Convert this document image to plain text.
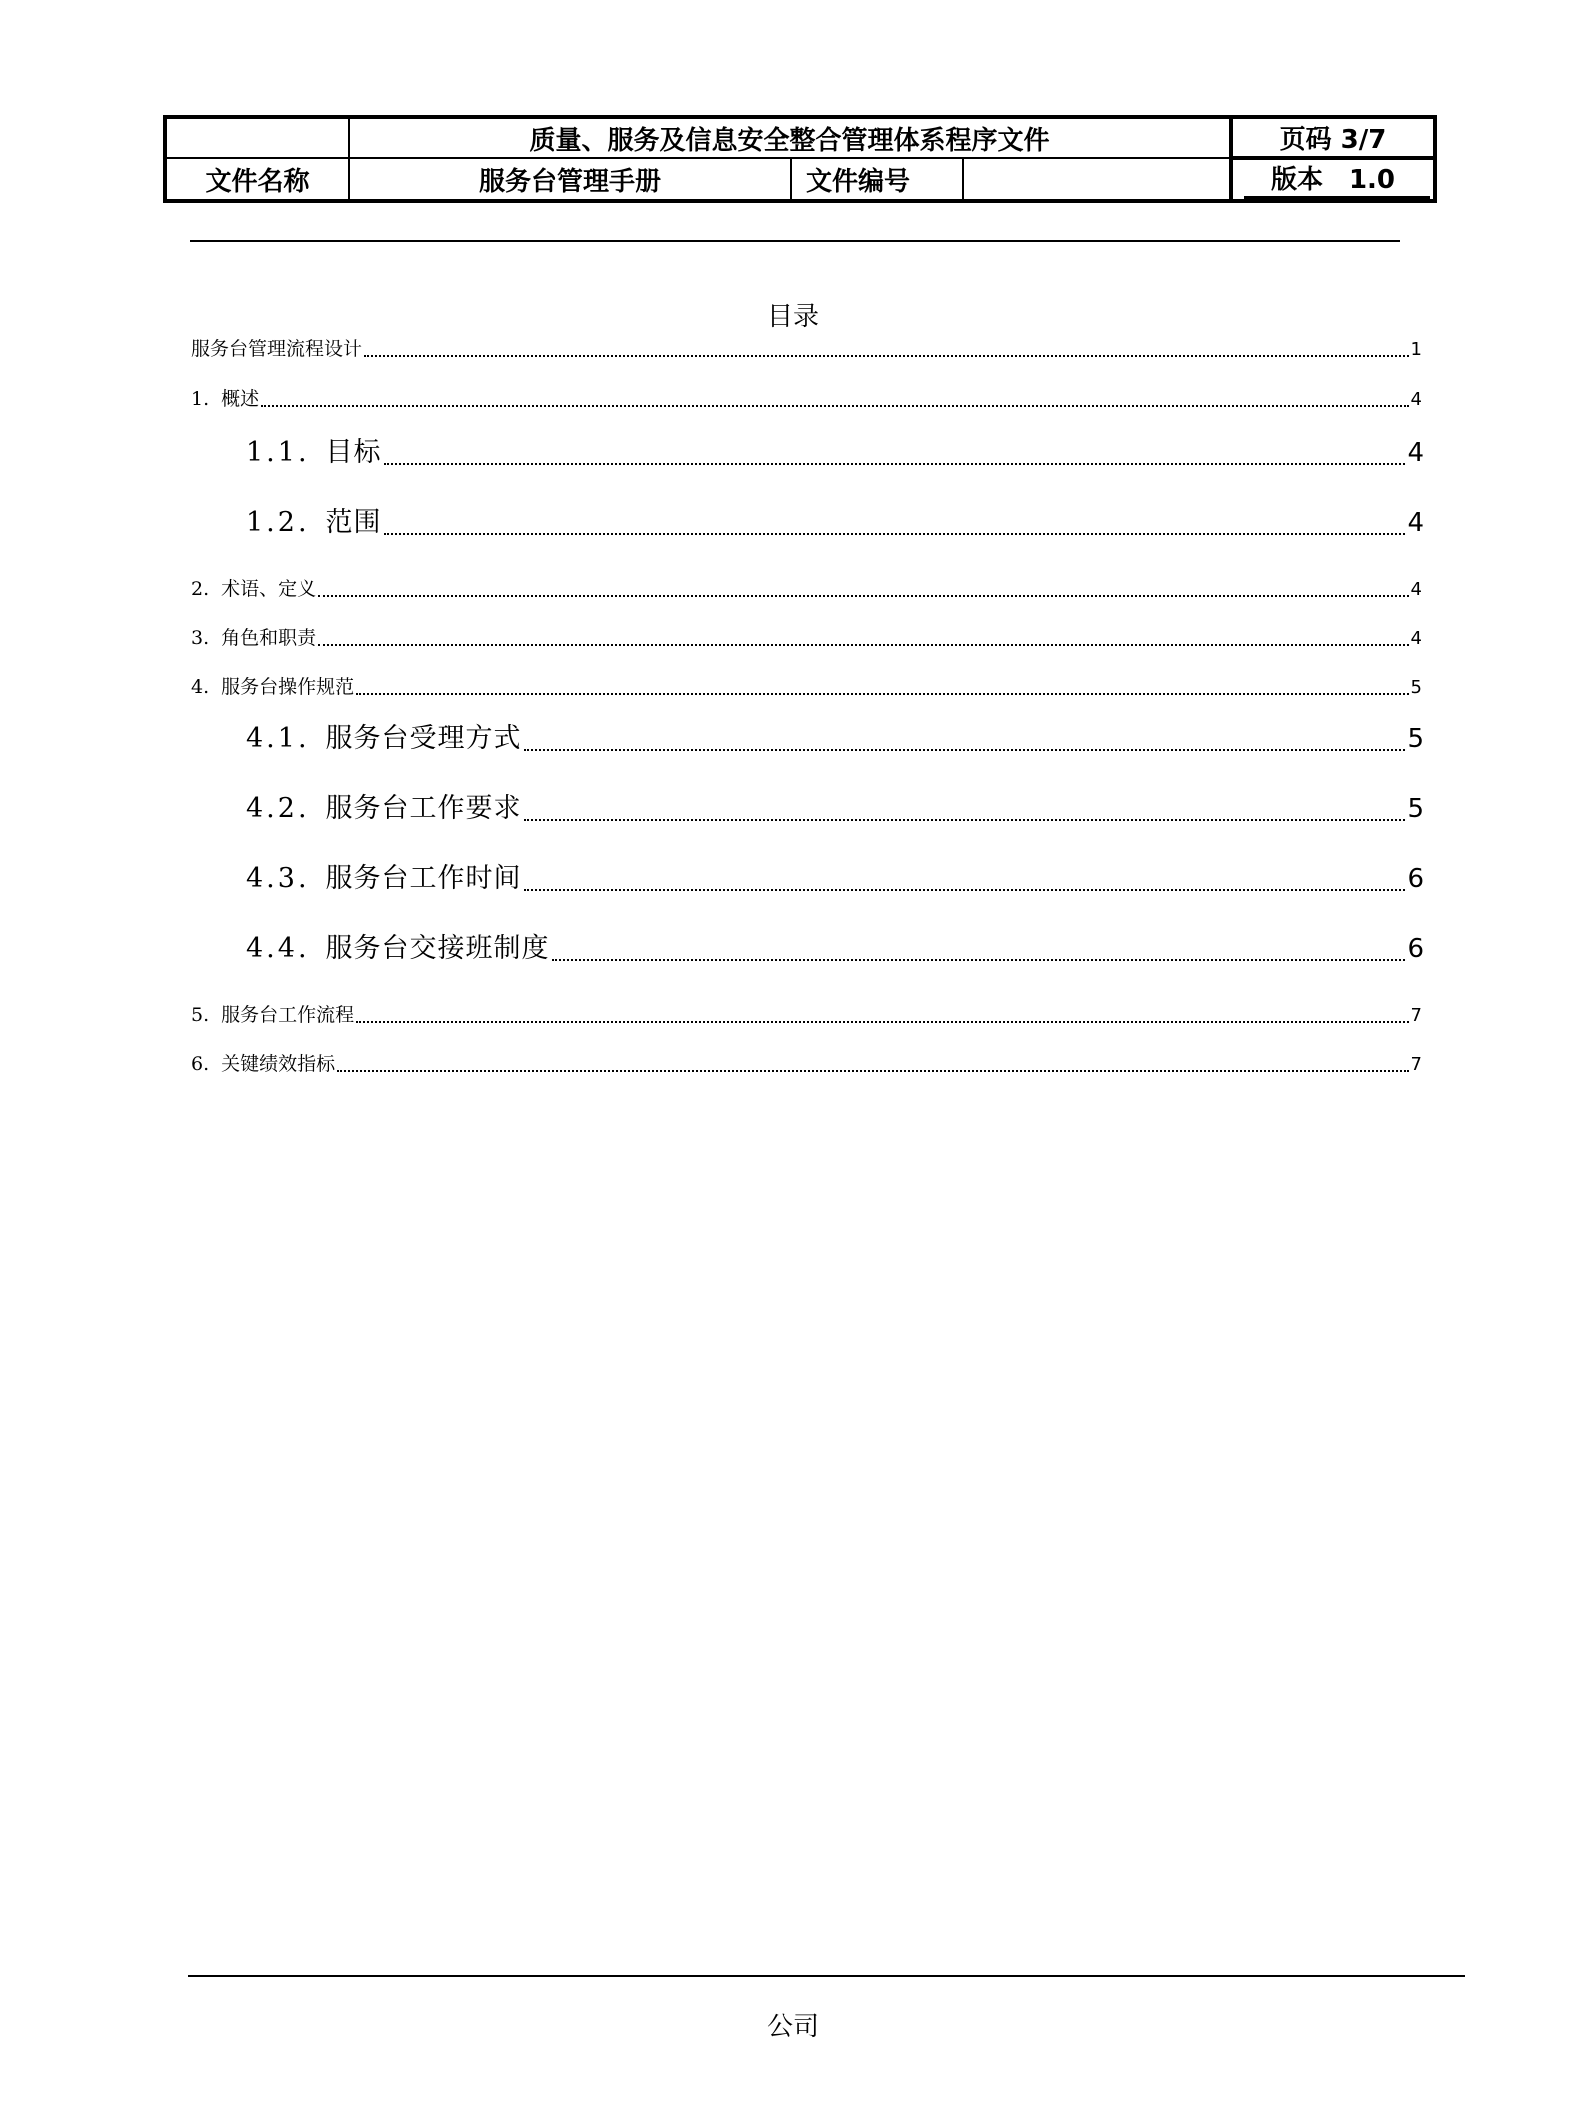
质量、服务及信息安全整合管理体系程序文件	页码 3/7
文件名称	服务台管理手册	文件编号	版本　1.0
目录
服务台管理流程设计	1
1. 概述	4
1.1. 目标	4
1.2. 范围	4
2. 术语、定义	4
3. 角色和职责	4
4. 服务台操作规范	5
4.1. 服务台受理方式	5
4.2. 服务台工作要求	5
4.3. 服务台工作时间	6
4.4. 服务台交接班制度	6
5. 服务台工作流程	7
6. 关键绩效指标	7
公司
